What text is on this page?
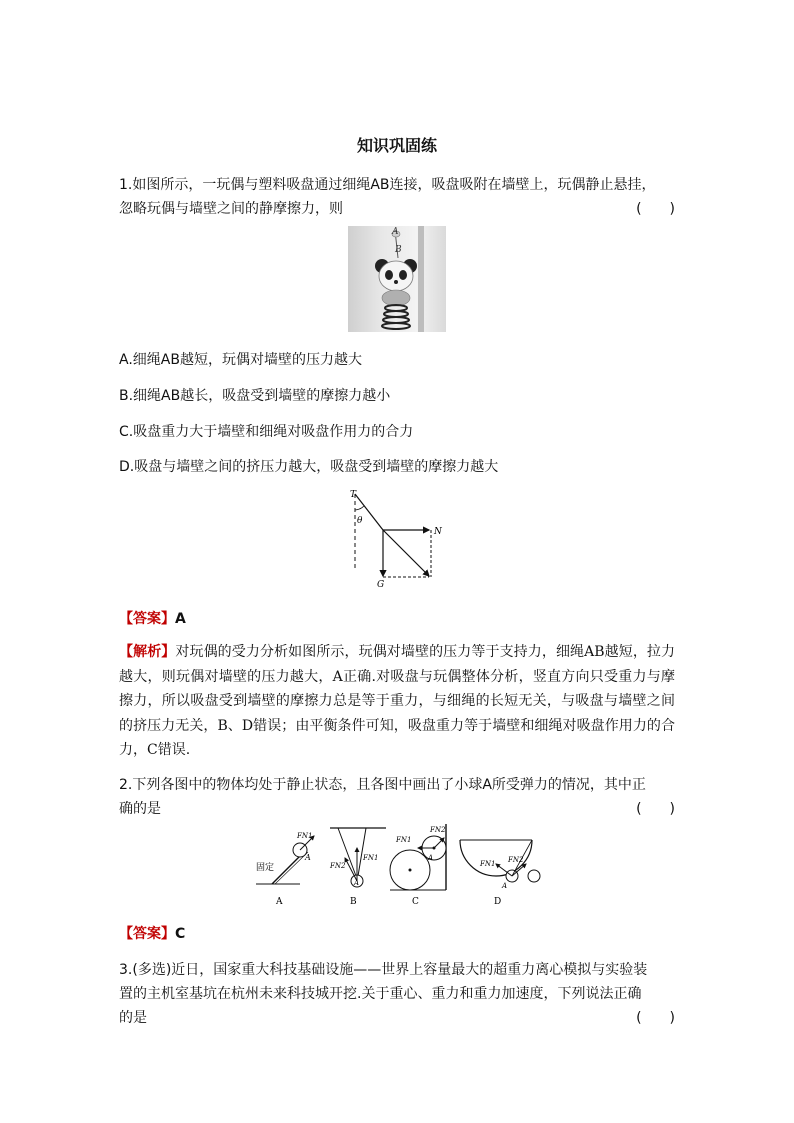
知识巩固练
1.如图所示，一玩偶与塑料吸盘通过细绳AB连接，吸盘吸附在墙壁上，玩偶静止悬挂，
忽略玩偶与墙壁之间的静摩擦力，则	(　　)
A
B
A.细绳AB越短，玩偶对墙壁的压力越大
B.细绳AB越长，吸盘受到墙壁的摩擦力越小
C.吸盘重力大于墙壁和细绳对吸盘作用力的合力
D.吸盘与墙壁之间的挤压力越大，吸盘受到墙壁的摩擦力越大
T
θ
N
G
【答案】A
【解析】对玩偶的受力分析如图所示，玩偶对墙壁的压力等于支持力，细绳AB越短，拉力越大，则玩偶对墙壁的压力越大，A正确.对吸盘与玩偶整体分析，竖直方向只受重力与摩擦力，所以吸盘受到墙壁的摩擦力总是等于重力，与细绳的长短无关，与吸盘与墙壁之间的挤压力无关，B、D错误；由平衡条件可知，吸盘重力等于墙壁和细绳对吸盘作用力的合力，C错误.
2.下列各图中的物体均处于静止状态，且各图中画出了小球A所受弹力的情况，其中正
确的是	(　　)
固定
FN1
A
A
FN2
FN1
A
B
FN1
FN2
A
C
FN1 FN2
A
D
【答案】C
3.(多选)近日，国家重大科技基础设施——世界上容量最大的超重力离心模拟与实验装
置的主机室基坑在杭州未来科技城开挖.关于重心、重力和重力加速度，下列说法正确
的是	(　　)
